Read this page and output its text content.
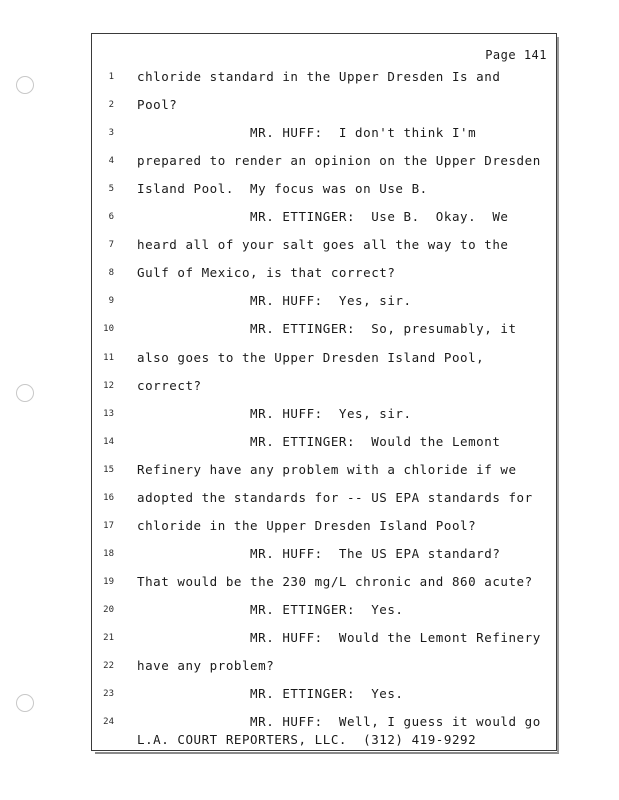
Page 141
1 chloride standard in the Upper Dresden Is and
2 Pool?
3 MR. HUFF:  I don't think I'm
4 prepared to render an opinion on the Upper Dresden
5 Island Pool.  My focus was on Use B.
6 MR. ETTINGER:  Use B.  Okay.  We
7 heard all of your salt goes all the way to the
8 Gulf of Mexico, is that correct?
9 MR. HUFF:  Yes, sir.
10 MR. ETTINGER:  So, presumably, it
11 also goes to the Upper Dresden Island Pool,
12 correct?
13 MR. HUFF:  Yes, sir.
14 MR. ETTINGER:  Would the Lemont
15 Refinery have any problem with a chloride if we
16 adopted the standards for -- US EPA standards for
17 chloride in the Upper Dresden Island Pool?
18 MR. HUFF:  The US EPA standard?
19 That would be the 230 mg/L chronic and 860 acute?
20 MR. ETTINGER:  Yes.
21 MR. HUFF:  Would the Lemont Refinery
22 have any problem?
23 MR. ETTINGER:  Yes.
24 MR. HUFF:  Well, I guess it would go
L.A. COURT REPORTERS, LLC.  (312) 419-9292
